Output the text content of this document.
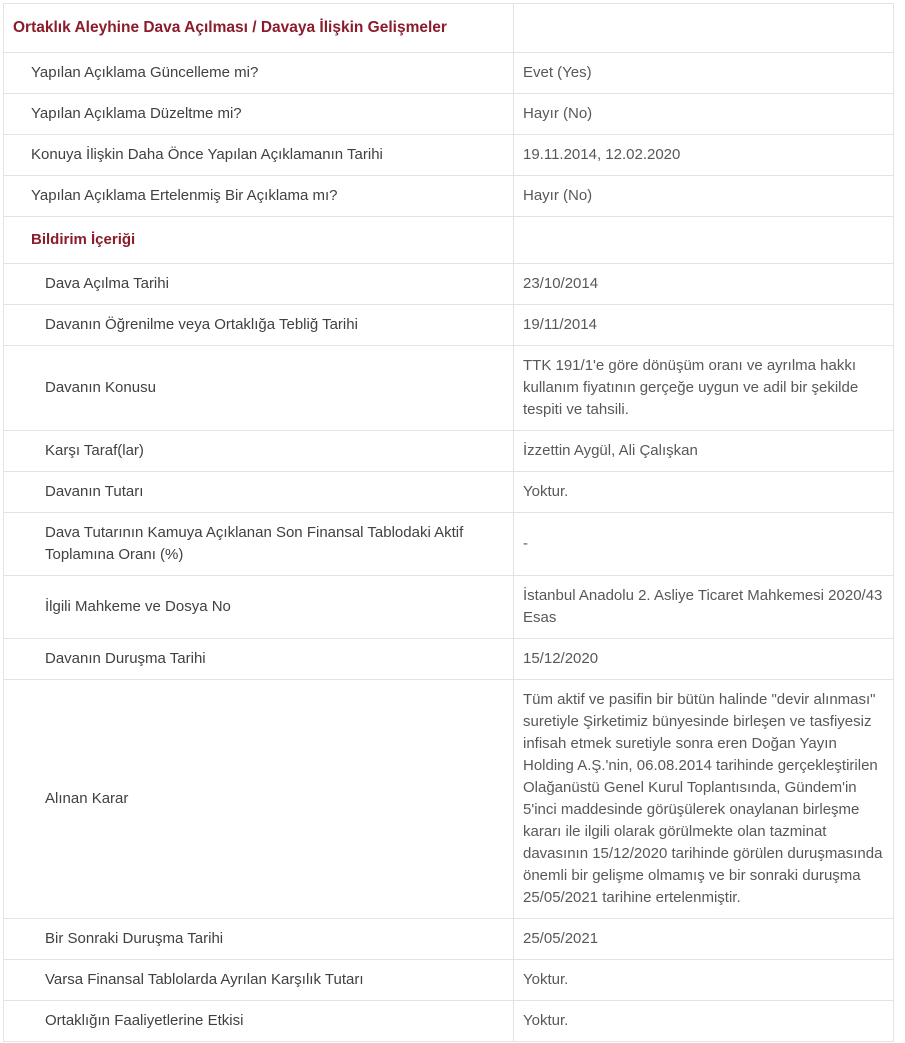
Ortaklık Aleyhine Dava Açılması / Davaya İlişkin Gelişmeler	
Yapılan Açıklama Güncelleme mi?	Evet (Yes)
Yapılan Açıklama Düzeltme mi?	Hayır (No)
Konuya İlişkin Daha Önce Yapılan Açıklamanın Tarihi	19.11.2014, 12.02.2020
Yapılan Açıklama Ertelenmiş Bir Açıklama mı?	Hayır (No)
Bildirim İçeriği	
Dava Açılma Tarihi	23/10/2014
Davanın Öğrenilme veya Ortaklığa Tebliğ Tarihi	19/11/2014
Davanın Konusu	TTK 191/1'e göre dönüşüm oranı ve ayrılma hakkı kullanım fiyatının gerçeğe uygun ve adil bir şekilde tespiti ve tahsili.
Karşı Taraf(lar)	İzzettin Aygül, Ali Çalışkan
Davanın Tutarı	Yoktur.
Dava Tutarının Kamuya Açıklanan Son Finansal Tablodaki Aktif Toplamına Oranı (%)	-
İlgili Mahkeme ve Dosya No	İstanbul Anadolu 2. Asliye Ticaret Mahkemesi 2020/43 Esas
Davanın Duruşma Tarihi	15/12/2020
Alınan Karar	Tüm aktif ve pasifin bir bütün halinde "devir alınması" suretiyle Şirketimiz bünyesinde birleşen ve tasfiyesiz infisah etmek suretiyle sonra eren Doğan Yayın Holding A.Ş.'nin, 06.08.2014 tarihinde gerçekleştirilen Olağanüstü Genel Kurul Toplantısında, Gündem'in 5'inci maddesinde görüşülerek onaylanan birleşme kararı ile ilgili olarak görülmekte olan tazminat davasının 15/12/2020 tarihinde görülen duruşmasında önemli bir gelişme olmamış ve bir sonraki duruşma 25/05/2021 tarihine ertelenmiştir.
Bir Sonraki Duruşma Tarihi	25/05/2021
Varsa Finansal Tablolarda Ayrılan Karşılık Tutarı	Yoktur.
Ortaklığın Faaliyetlerine Etkisi	Yoktur.
